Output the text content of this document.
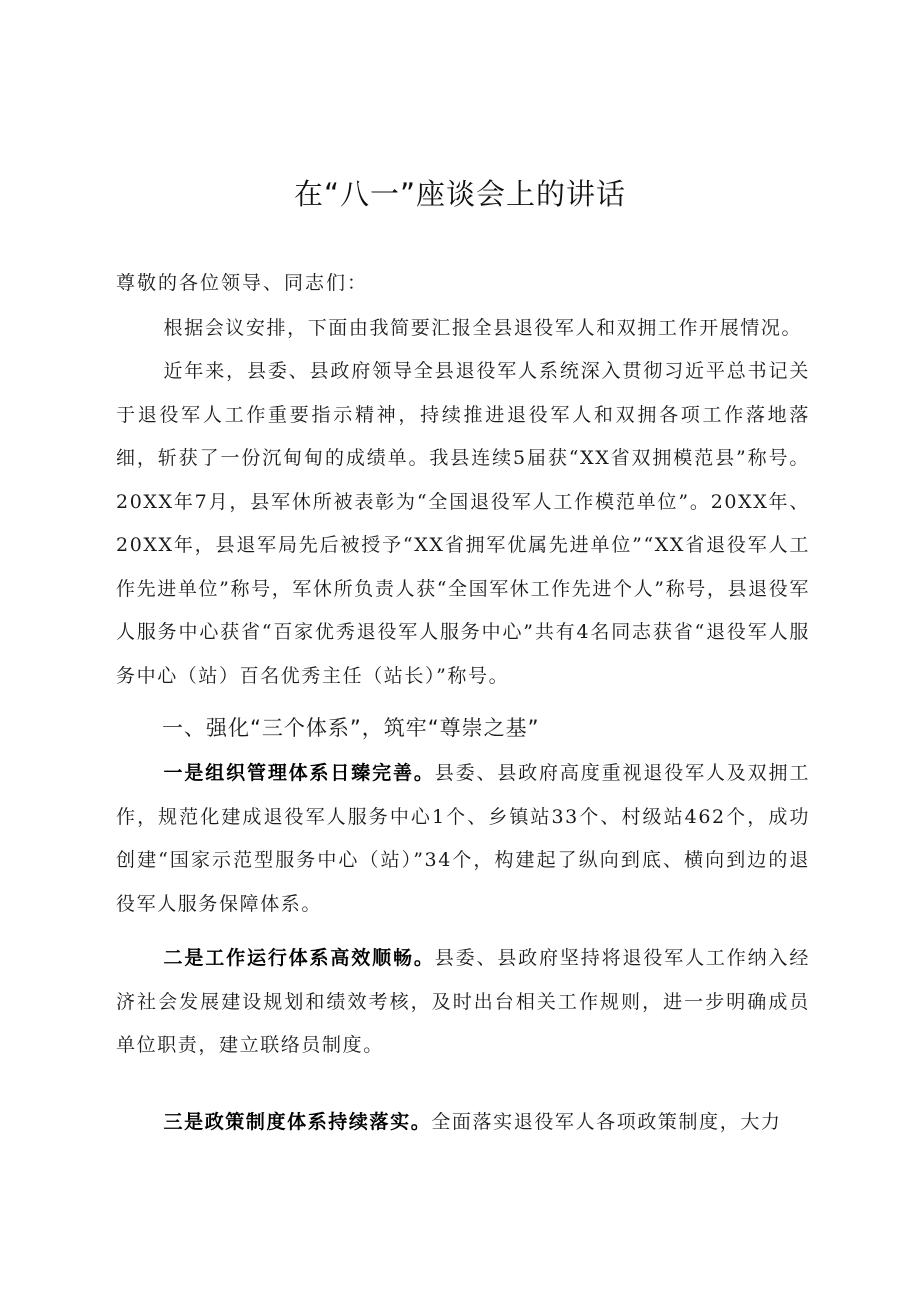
在“八一”座谈会上的讲话
尊敬的各位领导、同志们：

根据会议安排，下面由我简要汇报全县退役军人和双拥工作开展情况。

近年来，县委、县政府领导全县退役军人系统深入贯彻习近平总书记关于退役军人工作重要指示精神，持续推进退役军人和双拥各项工作落地落细，斩获了一份沉甸甸的成绩单。我县连续5届获“XX省双拥模范县”称号。20XX年7月，县军休所被表彰为“全国退役军人工作模范单位”。20XX年、20XX年，县退军局先后被授予“XX省拥军优属先进单位”“XX省退役军人工作先进单位”称号，军休所负责人获“全国军休工作先进个人”称号，县退役军人服务中心获省“百家优秀退役军人服务中心”共有4名同志获省“退役军人服务中心（站）百名优秀主任（站长）”称号。

一、强化“三个体系”，筑牢“尊崇之基”

一是组织管理体系日臻完善。县委、县政府高度重视退役军人及双拥工作，规范化建成退役军人服务中心1个、乡镇站33个、村级站462个，成功创建“国家示范型服务中心（站）”34个，构建起了纵向到底、横向到边的退役军人服务保障体系。

二是工作运行体系高效顺畅。县委、县政府坚持将退役军人工作纳入经济社会发展建设规划和绩效考核，及时出台相关工作规则，进一步明确成员单位职责，建立联络员制度。

三是政策制度体系持续落实。全面落实退役军人各项政策制度，大力
